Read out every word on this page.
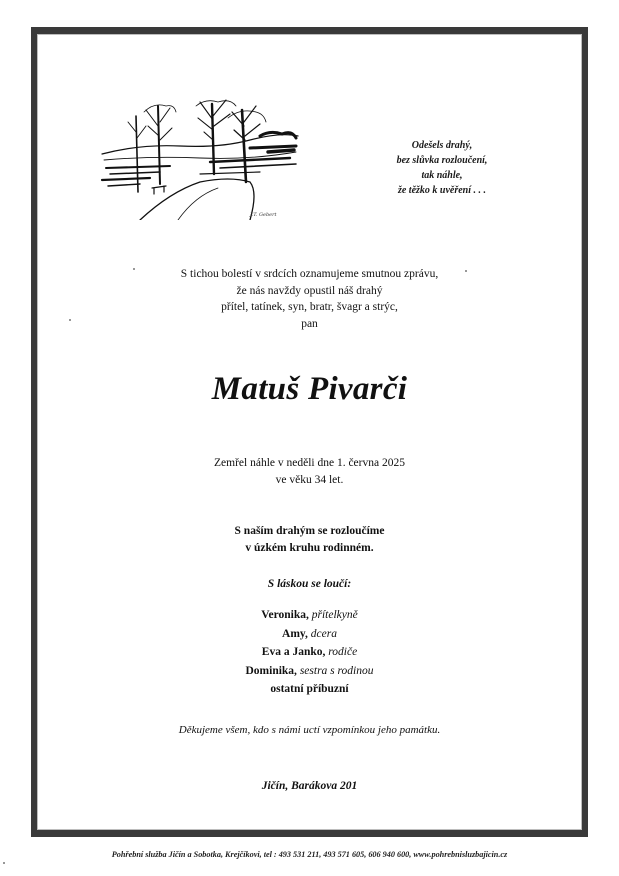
J.T. Gebert
Odešels drahý,
bez slůvka rozloučení,
tak náhle,
že těžko k uvěření . . .
S tichou bolestí v srdcích oznamujeme smutnou zprávu,
že nás navždy opustil náš drahý
přítel, tatínek, syn, bratr, švagr a strýc,
pan
Matuš Pivarči
Zemřel náhle v neděli dne 1. června 2025
ve věku 34 let.
S naším drahým se rozloučíme
v úzkém kruhu rodinném.
S láskou se loučí:
Veronika, přítelkyně
Amy, dcera
Eva a Janko, rodiče
Dominika, sestra s rodinou
ostatní příbuzní
Děkujeme všem, kdo s námi uctí vzpomínkou jeho památku.
Jičín, Barákova 201
Pohřební služba Jičín a Sobotka, Krejčíkovi, tel : 493 531 211, 493 571 605, 606 940 600, www.pohrebnisluzbajicin.cz
